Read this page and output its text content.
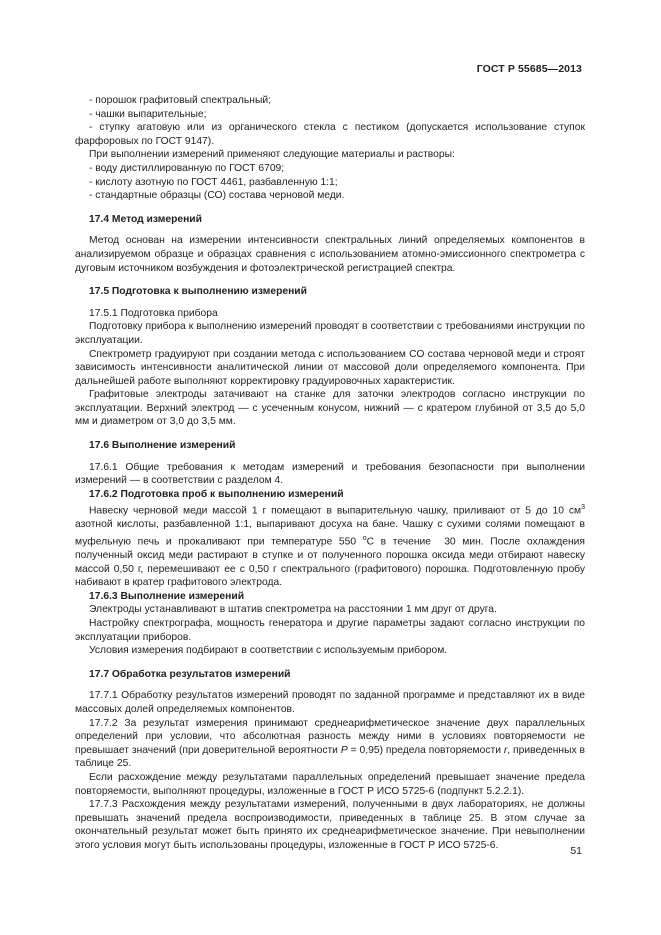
ГОСТ Р 55685—2013
- порошок графитовый спектральный;
- чашки выпарительные;
- ступку агатовую или из органического стекла с пестиком (допускается использование ступок фарфоровых по ГОСТ 9147).
При выполнении измерений применяют следующие материалы и растворы:
- воду дистиллированную по ГОСТ 6709;
- кислоту азотную по ГОСТ 4461, разбавленную 1:1;
- стандартные образцы (СО) состава черновой меди.
17.4 Метод измерений
Метод основан на измерении интенсивности спектральных линий определяемых компонентов в анализируемом образце и образцах сравнения с использованием атомно-эмиссионного спектрометра с дуговым источником возбуждения и фотоэлектрической регистрацией спектра.
17.5 Подготовка к выполнению измерений
17.5.1 Подготовка прибора
Подготовку прибора к выполнению измерений проводят в соответствии с требованиями инструкции по эксплуатации.
Спектрометр градуируют при создании метода с использованием СО состава черновой меди и строят зависимость интенсивности аналитической линии от массовой доли определяемого компонента. При дальнейшей работе выполняют корректировку градуировочных характеристик.
Графитовые электроды затачивают на станке для заточки электродов согласно инструкции по эксплуатации. Верхний электрод — с усеченным конусом, нижний — с кратером глубиной от 3,5 до 5,0 мм и диаметром от 3,0 до 3,5 мм.
17.6 Выполнение измерений
17.6.1 Общие требования к методам измерений и требования безопасности при выполнении измерений — в соответствии с разделом 4.
17.6.2 Подготовка проб к выполнению измерений
Навеску черновой меди массой 1 г помещают в выпарительную чашку, приливают от 5 до 10 $см^3$ азотной кислоты, разбавленной 1:1, выпаривают досуха на бане. Чашку с сухими солями помещают в муфельную печь и прокаливают при температуре 550 $^о$С в течение  30 мин. После охлаждения полученный оксид меди растирают в ступке и от полученного порошка оксида меди отбирают навеску массой 0,50 г, перемешивают ее с 0,50 г спектрального (графитового) порошка. Подготовленную пробу набивают в кратер графитового электрода.
17.6.3 Выполнение измерений
Электроды устанавливают в штатив спектрометра на расстоянии 1 мм друг от друга.
Настройку спектрографа, мощность генератора и другие параметры задают согласно инструкции по эксплуатации приборов.
Условия измерения подбирают в соответствии с используемым прибором.
17.7 Обработка результатов измерений
17.7.1 Обработку результатов измерений проводят по заданной программе и представляют их в виде массовых долей определяемых компонентов.
17.7.2 За результат измерения принимают среднеарифметическое значение двух параллельных определений при условии, что абсолютная разность между ними в условиях повторяемости не превышает значений (при доверительной вероятности Р = 0,95) предела повторяемости r, приведенных в таблице 25.
Если расхождение между результатами параллельных определений превышает значение предела повторяемости, выполняют процедуры, изложенные в ГОСТ Р ИСО 5725-6 (подпункт 5.2.2.1).
17.7.3 Расхождения между результатами измерений, полученными в двух лабораториях, не должны превышать значений предела воспроизводимости, приведенных в таблице 25. В этом случае за окончательный результат может быть принято их среднеарифметическое значение. При невыполнении этого условия могут быть использованы процедуры, изложенные в ГОСТ Р ИСО 5725-6.	51
